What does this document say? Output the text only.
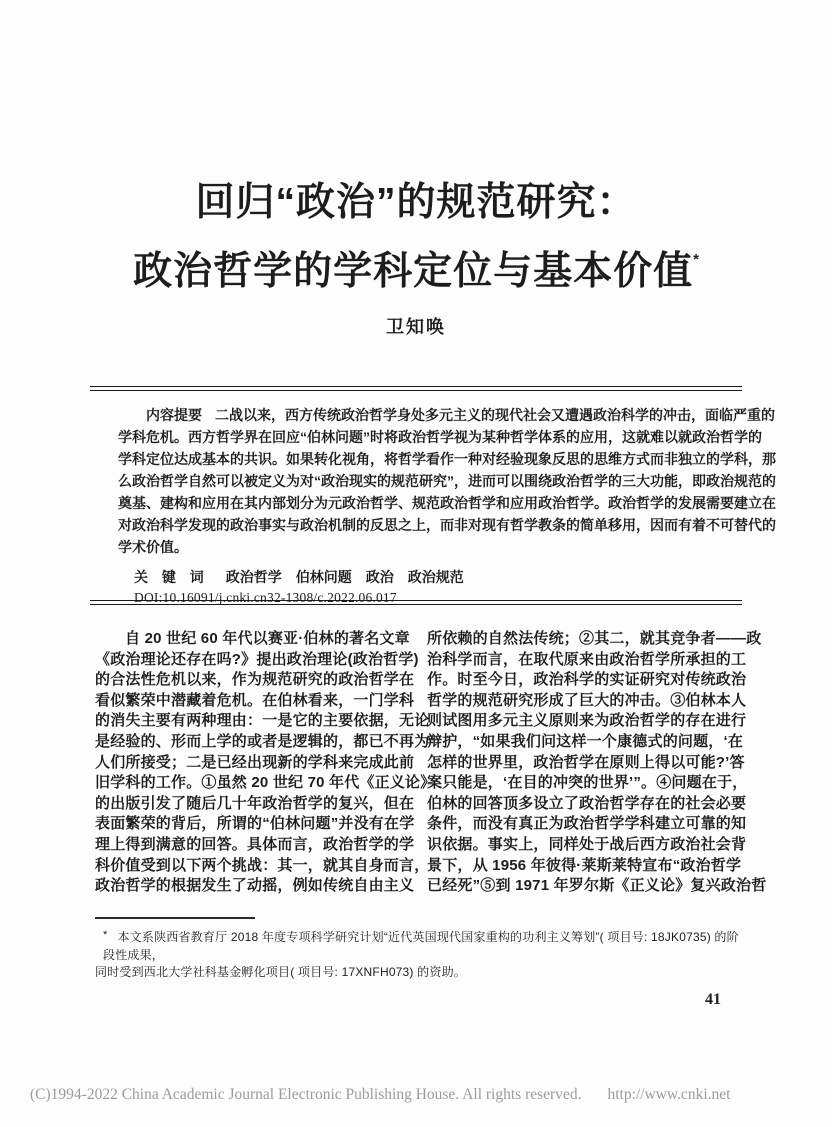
回归“政治”的规范研究：
政治哲学的学科定位与基本价值*
卫知唤
内容提要 二战以来，西方传统政治哲学身处多元主义的现代社会又遭遇政治科学的冲击，面临严重的
学科危机。西方哲学界在回应“伯林问题”时将政治哲学视为某种哲学体系的应用，这就难以就政治哲学的
学科定位达成基本的共识。如果转化视角，将哲学看作一种对经验现象反思的思维方式而非独立的学科，那
么政治哲学自然可以被定义为对“政治现实的规范研究”，进而可以围绕政治哲学的三大功能，即政治规范的
奠基、建构和应用在其内部划分为元政治哲学、规范政治哲学和应用政治哲学。政治哲学的发展需要建立在
对政治科学发现的政治事实与政治机制的反思之上，而非对现有哲学教条的简单移用，因而有着不可替代的
学术价值。
关 键 词 政治哲学　伯林问题　政治　政治规范
DOI:10.16091/j.cnki.cn32-1308/c.2022.06.017
自 20 世纪 60 年代以赛亚·伯林的著名文章
《政治理论还存在吗?》提出政治理论(政治哲学)
的合法性危机以来，作为规范研究的政治哲学在
看似繁荣中潜藏着危机。在伯林看来，一门学科
的消失主要有两种理由：一是它的主要依据，无论
是经验的、形而上学的或者是逻辑的，都已不再为
人们所接受；二是已经出现新的学科来完成此前
旧学科的工作。①虽然 20 世纪 70 年代《正义论》
的出版引发了随后几十年政治哲学的复兴，但在
表面繁荣的背后，所谓的“伯林问题”并没有在学
理上得到满意的回答。具体而言，政治哲学的学
科价值受到以下两个挑战：其一，就其自身而言，
政治哲学的根据发生了动摇，例如传统自由主义
所依赖的自然法传统；②其二，就其竞争者——政
治科学而言，在取代原来由政治哲学所承担的工
作。时至今日，政治科学的实证研究对传统政治
哲学的规范研究形成了巨大的冲击。③伯林本人
则试图用多元主义原则来为政治哲学的存在进行
辩护，“如果我们问这样一个康德式的问题，‘在
怎样的世界里，政治哲学在原则上得以可能?’答
案只能是，‘在目的冲突的世界’”。④问题在于，
伯林的回答顶多设立了政治哲学存在的社会必要
条件，而没有真正为政治哲学学科建立可靠的知
识依据。事实上，同样处于战后西方政治社会背
景下，从 1956 年彼得·莱斯莱特宣布“政治哲学
已经死”⑤到 1971 年罗尔斯《正义论》复兴政治哲
* 本文系陕西省教育厅 2018 年度专项科学研究计划“近代英国现代国家重构的功利主义筹划”( 项目号: 18JK0735) 的阶段性成果，
同时受到西北大学社科基金孵化项目( 项目号: 17XNFH073) 的资助。
41
(C)1994-2022 China Academic Journal Electronic Publishing House. All rights reserved. http://www.cnki.net
